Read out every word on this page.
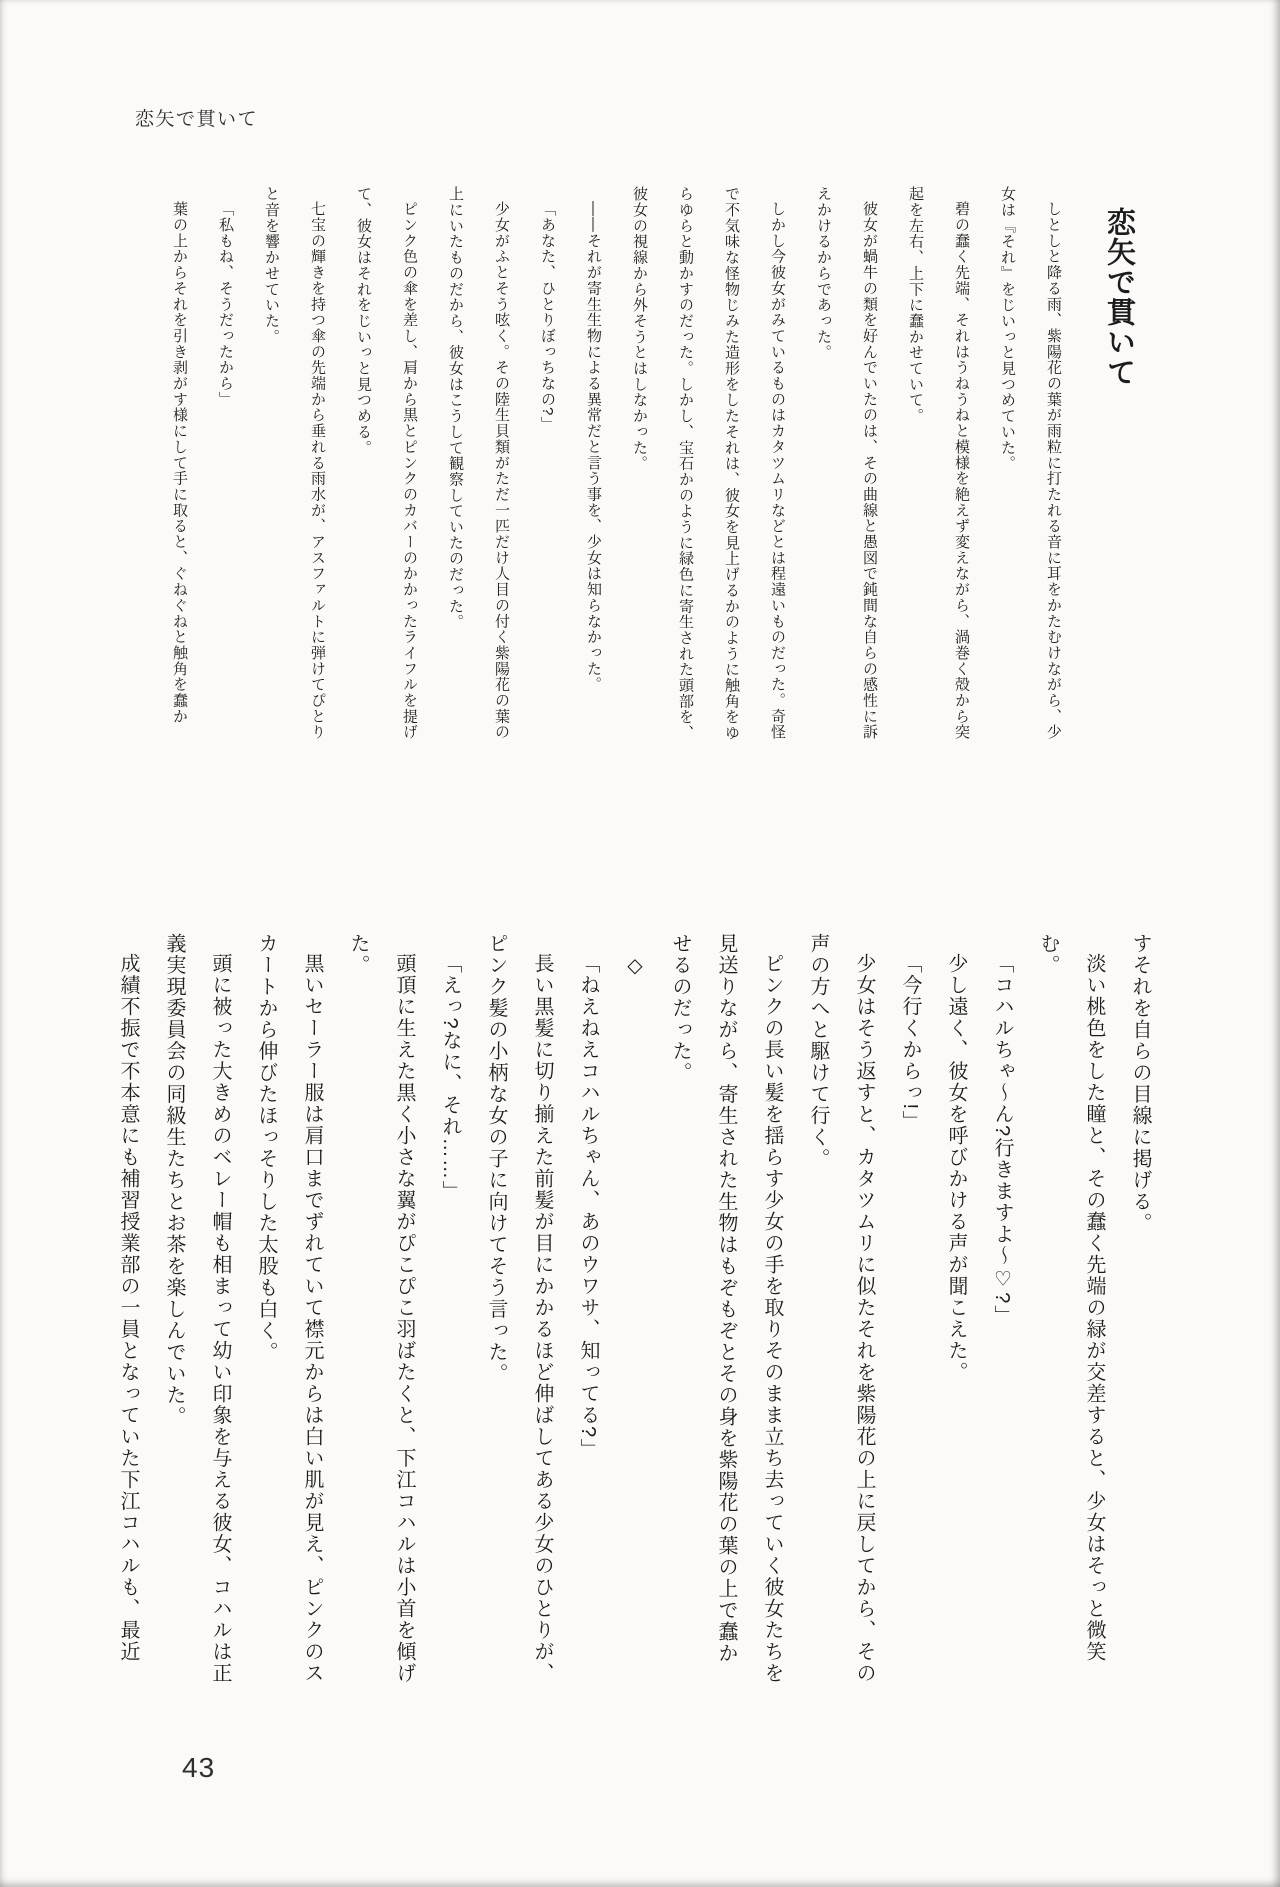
恋矢で貫いて
恋矢で貫いて

しとしと降る雨、紫陽花の葉が雨粒に打たれる音に耳をかたむけながら、少女は『それ』をじいっと見つめていた。

碧の蠢く先端、それはうねうねと模様を絶えず変えながら、渦巻く殻から突起を左右、上下に蠢かせていて。

彼女が蝸牛の類を好んでいたのは、その曲線と愚図で鈍間な自らの感性に訴えかけるからであった。

しかし今彼女がみているものはカタツムリなどとは程遠いものだった。奇怪で不気味な怪物じみた造形をしたそれは、彼女を見上げるかのように触角をゆらゆらと動かすのだった。しかし、宝石かのように緑色に寄生された頭部を、彼女の視線から外そうとはしなかった。

――それが寄生生物による異常だと言う事を、少女は知らなかった。

「あなた、ひとりぼっちなの?」

少女がふとそう呟く。その陸生貝類がただ一匹だけ人目の付く紫陽花の葉の上にいたものだから、彼女はこうして観察していたのだった。

ピンク色の傘を差し、肩から黒とピンクのカバーのかかったライフルを提げて、彼女はそれをじいっと見つめる。

七宝の輝きを持つ傘の先端から垂れる雨水が、アスファルトに弾けてぴとりと音を響かせていた。

「私もね、そうだったから」

葉の上からそれを引き剥がす様にして手に取ると、ぐねぐねと触角を蠢か

すそれを自らの目線に掲げる。

淡い桃色をした瞳と、その蠢く先端の緑が交差すると、少女はそっと微笑む。

「コハルちゃ〜ん?行きますよ〜♡?」

少し遠く、彼女を呼びかける声が聞こえた。

「今行くからっ!」

少女はそう返すと、カタツムリに似たそれを紫陽花の上に戻してから、その声の方へと駆けて行く。

ピンクの長い髪を揺らす少女の手を取りそのまま立ち去っていく彼女たちを見送りながら、寄生された生物はもぞもぞとその身を紫陽花の葉の上で蠢かせるのだった。

◇

「ねえねえコハルちゃん、あのウワサ、知ってる?」

長い黒髪に切り揃えた前髪が目にかかるほど伸ばしてある少女のひとりが、ピンク髪の小柄な女の子に向けてそう言った。

「えっ?なに、それ……」

頭頂に生えた黒く小さな翼がぴこぴこ羽ばたくと、下江コハルは小首を傾げた。

黒いセーラー服は肩口までずれていて襟元からは白い肌が見え、ピンクのスカートから伸びたほっそりした太股も白く。

頭に被った大きめのベレー帽も相まって幼い印象を与える彼女、コハルは正義実現委員会の同級生たちとお茶を楽しんでいた。

成績不振で不本意にも補習授業部の一員となっていた下江コハルも、最近

43
